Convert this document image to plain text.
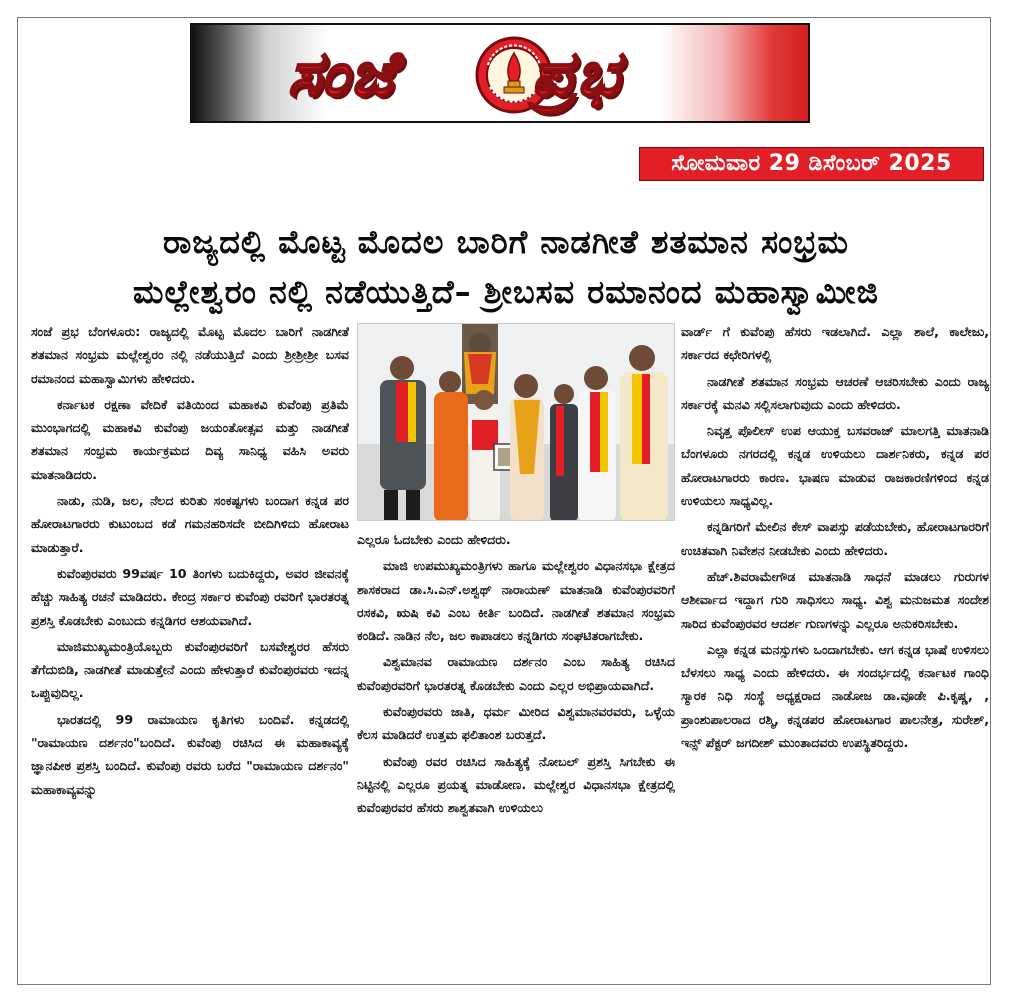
ಸಂಜೆ ಪ್ರಭ
ಸೋಮವಾರ 29 ಡಿಸೆಂಬರ್ 2025
ರಾಜ್ಯದಲ್ಲಿ ಮೊಟ್ಟ ಮೊದಲ ಬಾರಿಗೆ ನಾಡಗೀತೆ ಶತಮಾನ ಸಂಭ್ರಮ
ಮಲ್ಲೇಶ್ವರಂ ನಲ್ಲಿ ನಡೆಯುತ್ತಿದೆ– ಶ್ರೀಬಸವ ರಮಾನಂದ ಮಹಾಸ್ವಾಮೀಜಿ

ಸಂಜೆ ಪ್ರಭ ಬೆಂಗಳೂರು: ರಾಜ್ಯದಲ್ಲಿ ಮೊಟ್ಟ ಮೊದಲ ಬಾರಿಗೆ ನಾಡಗೀತೆ ಶತಮಾನ ಸಂಭ್ರಮ ಮಲ್ಲೇಶ್ವರಂ ನಲ್ಲಿ ನಡೆಯುತ್ತಿದೆ ಎಂದು ಶ್ರೀಶ್ರೀಶ್ರೀ ಬಸವ ರಮಾನಂದ ಮಹಾಸ್ವಾಮಿಗಳು ಹೇಳಿದರು.

ಕರ್ನಾಟಕ ರಕ್ಷಣಾ ವೇದಿಕೆ ವತಿಯಿಂದ ಮಹಾಕವಿ ಕುವೆಂಪು ಪ್ರತಿಮೆ ಮುಂಭಾಗದಲ್ಲಿ ಮಹಾಕವಿ ಕುವೆಂಪು ಜಯಂತೋತ್ಸವ ಮತ್ತು ನಾಡಗೀತೆ ಶತಮಾನ ಸಂಭ್ರಮ ಕಾರ್ಯಕ್ರಮದ ದಿವ್ಯ ಸಾನಿಧ್ಯ ವಹಿಸಿ ಅವರು ಮಾತನಾಡಿದರು.

ನಾಡು, ನುಡಿ, ಜಲ, ನೆಲದ ಕುರಿತು ಸಂಕಷ್ಟಗಳು ಬಂದಾಗ ಕನ್ನಡ ಪರ ಹೋರಾಟಗಾರರು ಕುಟುಂಬದ ಕಡೆ ಗಮನಹರಿಸದೇ ಬೀದಿಗಿಳಿದು ಹೋರಾಟ ಮಾಡುತ್ತಾರೆ.

ಕುವೆಂಪುರವರು 99ವರ್ಷ 10 ತಿಂಗಳು ಬದುಕಿದ್ದರು, ಅವರ ಜೀವನಕ್ಕೆ ಹೆಚ್ಚು ಸಾಹಿತ್ಯ ರಚನೆ ಮಾಡಿದರು. ಕೇಂದ್ರ ಸರ್ಕಾರ ಕುವೆಂಪು ರವರಿಗೆ ಭಾರತರತ್ನ ಪ್ರಶಸ್ತಿ ಕೊಡಬೇಕು ಎಂಬುದು ಕನ್ನಡಿಗರ ಆಶಯವಾಗಿದೆ.

ಮಾಜಿಮುಖ್ಯಮಂತ್ರಿಯೊಬ್ಬರು ಕುವೆಂಪುರವರಿಗೆ ಬಸವೇಶ್ವರರ ಹೆಸರು ತೆಗೆದುಬಿಡಿ, ನಾಡಗೀತೆ ಮಾಡುತ್ತೇನೆ ಎಂದು ಹೇಳುತ್ತಾರೆ ಕುವೆಂಪುರವರು ಇದನ್ನ ಒಪ್ಪುವುದಿಲ್ಲ.

ಭಾರತದಲ್ಲಿ 99 ರಾಮಾಯಣ ಕೃತಿಗಳು ಬಂದಿವೆ. ಕನ್ನಡದಲ್ಲಿ "ರಾಮಾಯಣ ದರ್ಶನಂ"ಬಂದಿದೆ. ಕುವೆಂಪು ರಚಿಸಿದ ಈ ಮಹಾಕಾವ್ಯಕ್ಕೆ ಜ್ಞಾನಪೀಠ ಪ್ರಶಸ್ತಿ ಬಂದಿದೆ. ಕುವೆಂಪು ರವರು ಬರೆದ "ರಾಮಾಯಣ ದರ್ಶನಂ" ಮಹಾಕಾವ್ಯವನ್ನು

ಎಲ್ಲರೂ ಓದಬೇಕು ಎಂದು ಹೇಳಿದರು.

ಮಾಜಿ ಉಪಮುಖ್ಯಮಂತ್ರಿಗಳು ಹಾಗೂ ಮಲ್ಲೇಶ್ವರಂ ವಿಧಾನಸಭಾ ಕ್ಷೇತ್ರದ ಶಾಸಕರಾದ ಡಾ.ಸಿ.ಎನ್.ಅಶ್ವಥ್ ನಾರಾಯಣ್ ಮಾತನಾಡಿ ಕುವೆಂಪುರವರಿಗೆ ರಸಕವಿ, ಋಷಿ ಕವಿ ಎಂಬ ಕೀರ್ತಿ ಬಂದಿದೆ. ನಾಡಗೀತೆ ಶತಮಾನ ಸಂಭ್ರಮ ಕಂಡಿದೆ. ನಾಡಿನ ನೆಲ, ಜಲ ಕಾಪಾಡಲು ಕನ್ನಡಿಗರು ಸಂಘಟಿತರಾಗಬೇಕು.

ವಿಶ್ವಮಾನವ ರಾಮಾಯಣ ದರ್ಶನಂ ಎಂಬ ಸಾಹಿತ್ಯ ರಚಿಸಿದ ಕುವೆಂಪುರವರಿಗೆ ಭಾರತರತ್ನ ಕೊಡಬೇಕು ಎಂದು ಎಲ್ಲರ ಅಭಿಪ್ರಾಯವಾಗಿದೆ.

ಕುವೆಂಪುರವರು ಜಾತಿ, ಧರ್ಮ ಮೀರಿದ ವಿಶ್ವಮಾನವರವರು, ಒಳ್ಳೆಯ ಕೆಲಸ ಮಾಡಿದರೆ ಉತ್ತಮ ಫಲಿತಾಂಶ ಬರುತ್ತದೆ.

ಕುವೆಂಪು ರವರ ರಚಿಸಿದ ಸಾಹಿತ್ಯಕ್ಕೆ ನೋಬಲ್ ಪ್ರಶಸ್ತಿ ಸಿಗಬೇಕು ಈ ನಿಟ್ಟಿನಲ್ಲಿ ಎಲ್ಲರೂ ಪ್ರಯತ್ನ ಮಾಡೋಣ. ಮಲ್ಲೇಶ್ವರ ವಿಧಾನಸಭಾ ಕ್ಷೇತ್ರದಲ್ಲಿ ಕುವೆಂಪುರವರ ಹೆಸರು ಶಾಶ್ವತವಾಗಿ ಉಳಿಯಲು

ವಾರ್ಡ್ ಗೆ ಕುವೆಂಪು ಹೆಸರು ಇಡಲಾಗಿದೆ. ಎಲ್ಲಾ ಶಾಲೆ, ಕಾಲೇಜು, ಸರ್ಕಾರದ ಕಛೇರಿಗಳಲ್ಲಿ

ನಾಡಗೀತೆ ಶತಮಾನ ಸಂಭ್ರಮ ಆಚರಣೆ ಆಚರಿಸಬೇಕು ಎಂದು ರಾಜ್ಯ ಸರ್ಕಾರಕ್ಕೆ ಮನವಿ ಸಲ್ಲಿಸಲಾಗುವುದು ಎಂದು ಹೇಳಿದರು.

ನಿವೃತ್ತ ಪೊಲೀಸ್ ಉಪ ಆಯುಕ್ತ ಬಸವರಾಜ್ ಮಾಲಗತ್ತಿ ಮಾತನಾಡಿ ಬೆಂಗಳೂರು ನಗರದಲ್ಲಿ ಕನ್ನಡ ಉಳಿಯಲು ದಾರ್ಶನಿಕರು, ಕನ್ನಡ ಪರ ಹೋರಾಟಗಾರರು ಕಾರಣ. ಭಾಷಣ ಮಾಡುವ ರಾಜಕಾರಣಿಗಳಿಂದ ಕನ್ನಡ ಉಳಿಯಲು ಸಾಧ್ಯವಿಲ್ಲ.

ಕನ್ನಡಿಗರಿಗೆ ಮೇಲಿನ ಕೇಸ್ ವಾಪಸ್ಸು ಪಡೆಯಬೇಕು, ಹೋರಾಟಗಾರರಿಗೆ ಉಚಿತವಾಗಿ ನಿವೇಶನ ನೀಡಬೇಕು ಎಂದು ಹೇಳಿದರು.

ಹೆಚ್.ಶಿವರಾಮೇಗೌಡ ಮಾತನಾಡಿ ಸಾಧನೆ ಮಾಡಲು ಗುರುಗಳ ಆಶೀರ್ವಾದ ಇದ್ದಾಗ ಗುರಿ ಸಾಧಿಸಲು ಸಾಧ್ಯ. ವಿಶ್ವ ಮನುಜಮತ ಸಂದೇಶ ಸಾರಿದ ಕುವೆಂಪುರವರ ಆದರ್ಶ ಗುಣಗಳನ್ನು ಎಲ್ಲರೂ ಅನುಕರಿಸಬೇಕು.

ಎಲ್ಲಾ ಕನ್ನಡ ಮನಸ್ಸುಗಳು ಒಂದಾಗಬೇಕು. ಆಗ ಕನ್ನಡ ಭಾಷೆ ಉಳಿಸಲು ಬೆಳಸಲು ಸಾಧ್ಯ ಎಂದು ಹೇಳಿದರು. ಈ ಸಂದರ್ಭದಲ್ಲಿ ಕರ್ನಾಟಕ ಗಾಂಧಿ ಸ್ಮಾರಕ ನಿಧಿ ಸಂಸ್ಥೆ ಅಧ್ಯಕ್ಷರಾದ ನಾಡೋಜ ಡಾ.ವೂಡೇ ಪಿ.ಕೃಷ್ಣ, , ಪ್ರಾಂಶುಪಾಲರಾದ ರಶ್ಮಿ, ಕನ್ನಡಪರ ಹೋರಾಟಗಾರ ಪಾಲನೇತ್ರ, ಸುರೇಶ್, ಇನ್ಸ್ ಪೆಕ್ಟರ್ ಜಗದೀಶ್ ಮುಂತಾದವರು ಉಪಸ್ಥಿತರಿದ್ದರು.
